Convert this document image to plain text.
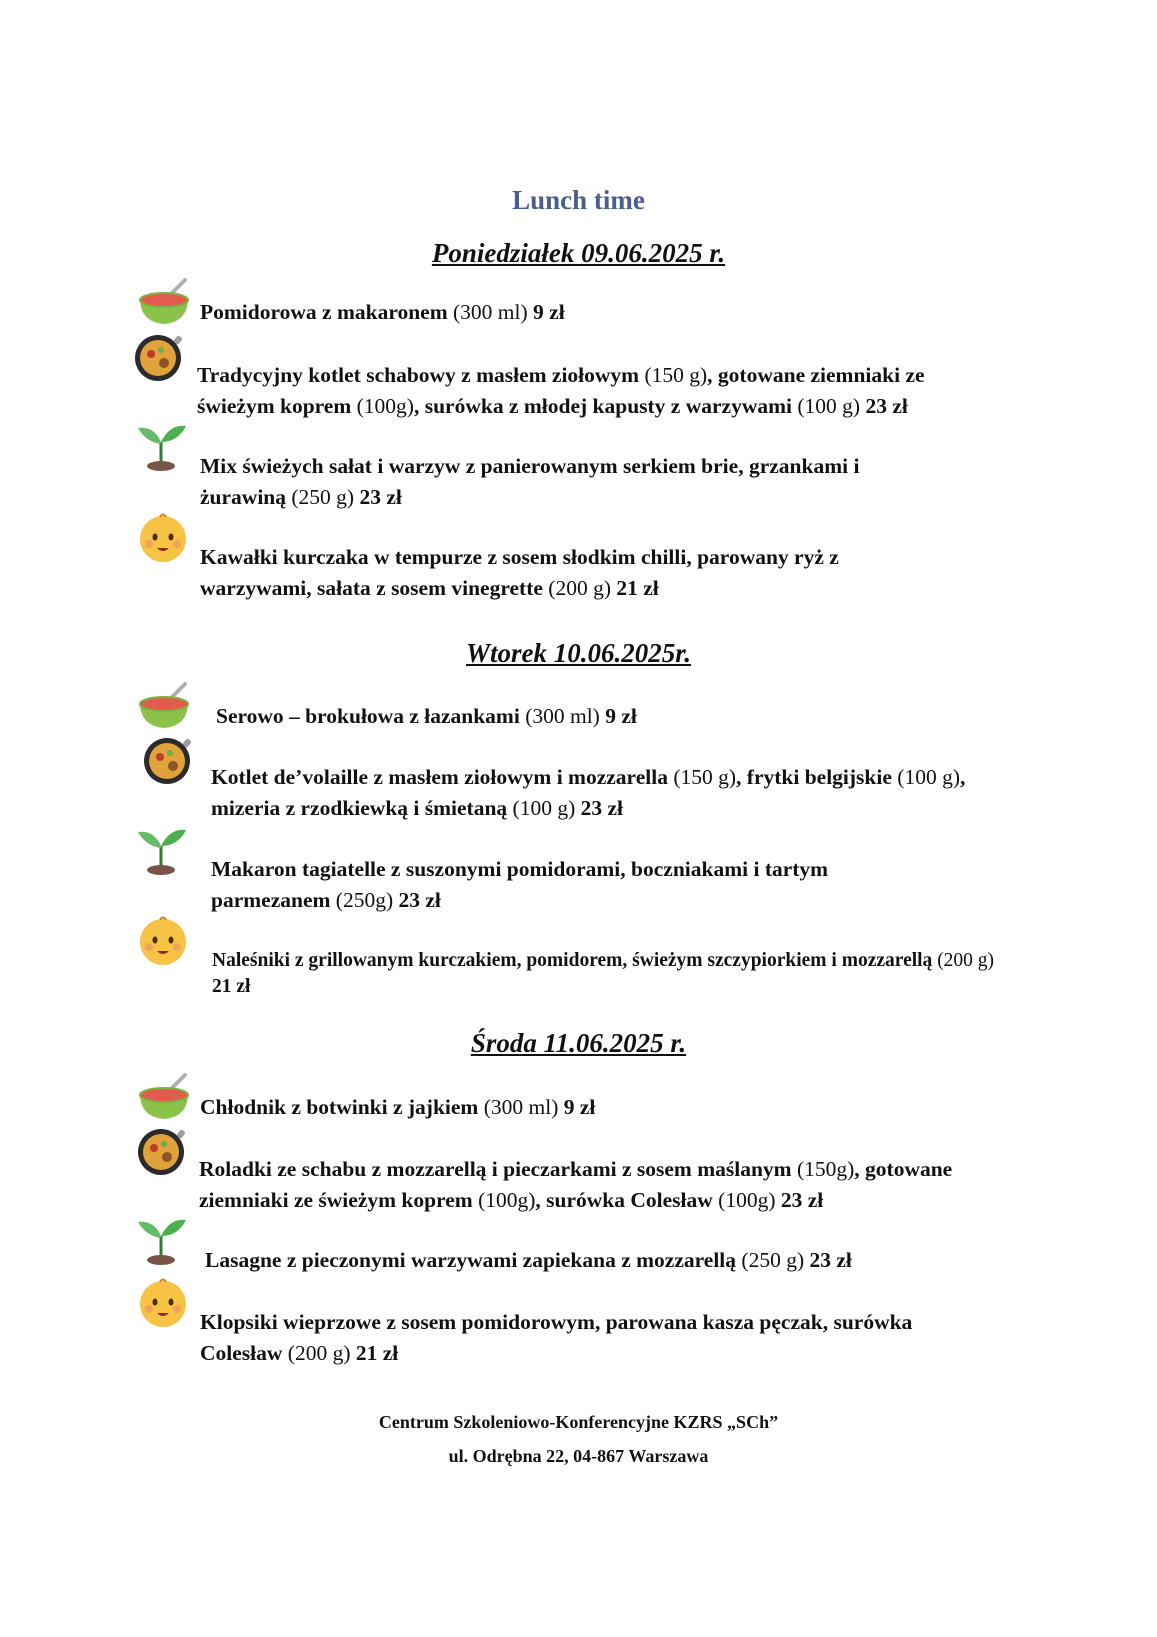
Lunch time
Poniedziałek 09.06.2025 r.
Pomidorowa z makaronem (300 ml) 9 zł
Tradycyjny kotlet schabowy z masłem ziołowym (150 g), gotowane ziemniaki ze świeżym koprem (100g), surówka z młodej kapusty z warzywami (100 g) 23 zł
Mix świeżych sałat i warzyw z panierowanym serkiem brie, grzankami i żurawiną (250 g) 23 zł
Kawałki kurczaka w tempurze z sosem słodkim chilli, parowany ryż z warzywami, sałata z sosem vinegrette (200 g) 21 zł
Wtorek 10.06.2025r.
Serowo – brokułowa z łazankami (300 ml) 9 zł
Kotlet de’volaille z masłem ziołowym i mozzarella (150 g), frytki belgijskie (100 g), mizeria z rzodkiewką i śmietaną (100 g) 23 zł
Makaron tagiatelle z suszonymi pomidorami, boczniakami i tartym parmezanem (250g) 23 zł
Naleśniki z grillowanym kurczakiem, pomidorem, świeżym szczypiorkiem i mozzarellą (200 g) 21 zł
Środa 11.06.2025 r.
Chłodnik z botwinki z jajkiem (300 ml) 9 zł
Roladki ze schabu z mozzarellą i pieczarkami z sosem maślanym (150g), gotowane ziemniaki ze świeżym koprem (100g), surówka Colesław (100g) 23 zł
Lasagne z pieczonymi warzywami zapiekana z mozzarellą (250 g) 23 zł
Klopsiki wieprzowe z sosem pomidorowym, parowana kasza pęczak, surówka Colesław (200 g) 21 zł
Centrum Szkoleniowo-Konferencyjne KZRS „SCh”
ul. Odrębna 22, 04-867 Warszawa
